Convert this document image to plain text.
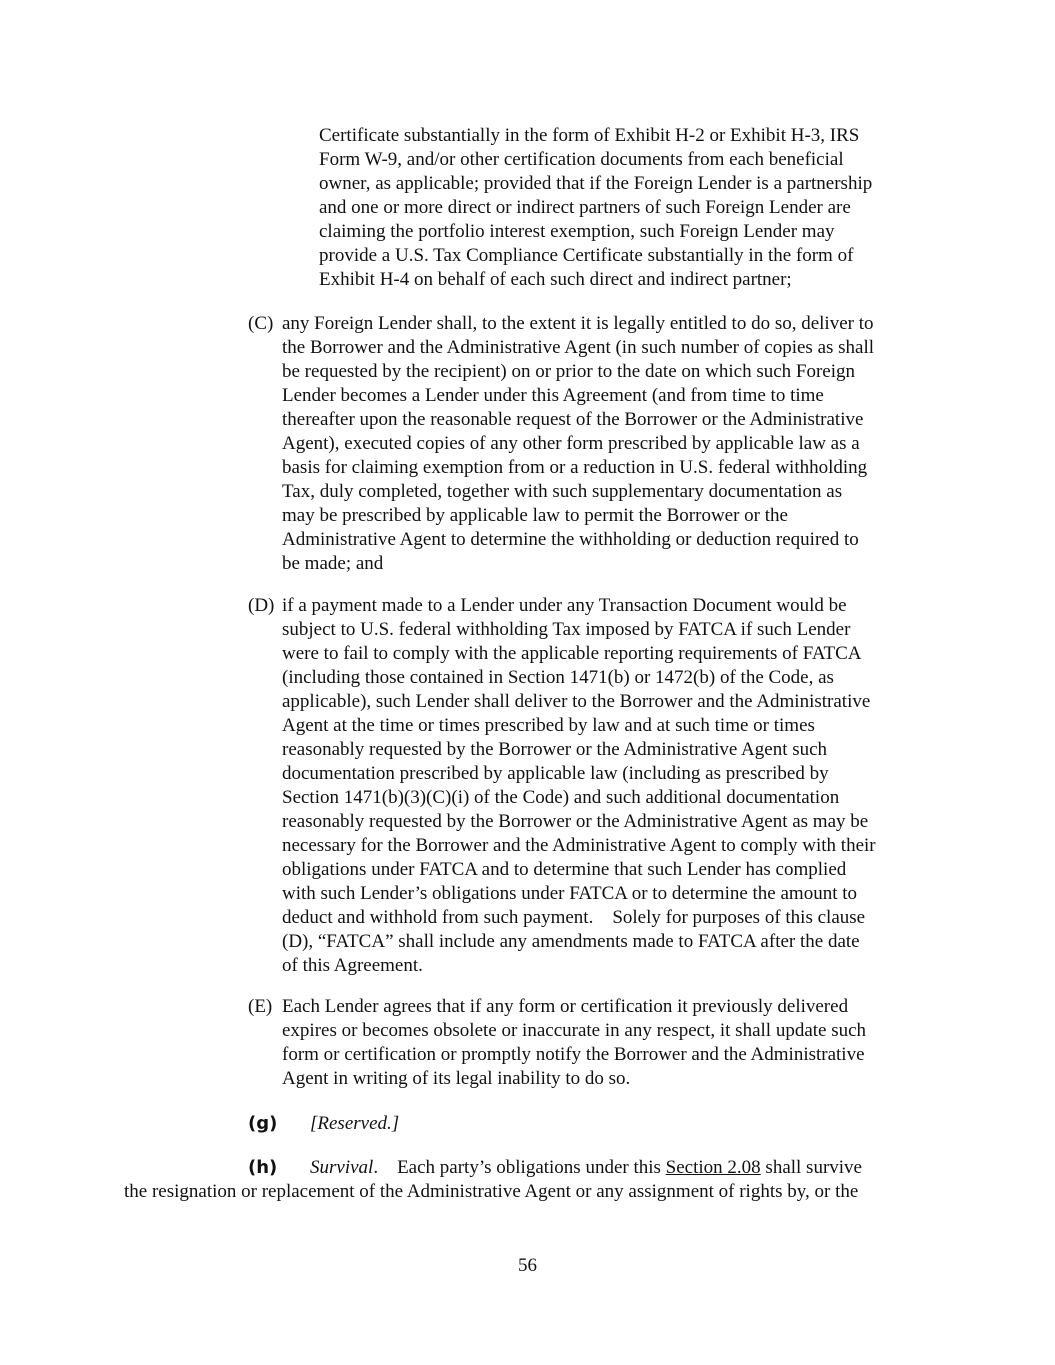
Certificate substantially in the form of Exhibit H-2 or Exhibit H-3, IRS
Form W-9, and/or other certification documents from each beneficial
owner, as applicable; provided that if the Foreign Lender is a partnership
and one or more direct or indirect partners of such Foreign Lender are
claiming the portfolio interest exemption, such Foreign Lender may
provide a U.S. Tax Compliance Certificate substantially in the form of
Exhibit H-4 on behalf of each such direct and indirect partner;
(C) any Foreign Lender shall, to the extent it is legally entitled to do so, deliver to
the Borrower and the Administrative Agent (in such number of copies as shall
be requested by the recipient) on or prior to the date on which such Foreign
Lender becomes a Lender under this Agreement (and from time to time
thereafter upon the reasonable request of the Borrower or the Administrative
Agent), executed copies of any other form prescribed by applicable law as a
basis for claiming exemption from or a reduction in U.S. federal withholding
Tax, duly completed, together with such supplementary documentation as
may be prescribed by applicable law to permit the Borrower or the
Administrative Agent to determine the withholding or deduction required to
be made; and
(D) if a payment made to a Lender under any Transaction Document would be
subject to U.S. federal withholding Tax imposed by FATCA if such Lender
were to fail to comply with the applicable reporting requirements of FATCA
(including those contained in Section 1471(b) or 1472(b) of the Code, as
applicable), such Lender shall deliver to the Borrower and the Administrative
Agent at the time or times prescribed by law and at such time or times
reasonably requested by the Borrower or the Administrative Agent such
documentation prescribed by applicable law (including as prescribed by
Section 1471(b)(3)(C)(i) of the Code) and such additional documentation
reasonably requested by the Borrower or the Administrative Agent as may be
necessary for the Borrower and the Administrative Agent to comply with their
obligations under FATCA and to determine that such Lender has complied
with such Lender’s obligations under FATCA or to determine the amount to
deduct and withhold from such payment.    Solely for purposes of this clause
(D), “FATCA” shall include any amendments made to FATCA after the date
of this Agreement.
(E) Each Lender agrees that if any form or certification it previously delivered
expires or becomes obsolete or inaccurate in any respect, it shall update such
form or certification or promptly notify the Borrower and the Administrative
Agent in writing of its legal inability to do so.
(g) [Reserved.]
(h) Survival.    Each party’s obligations under this Section 2.08 shall survive
the resignation or replacement of the Administrative Agent or any assignment of rights by, or the
56
